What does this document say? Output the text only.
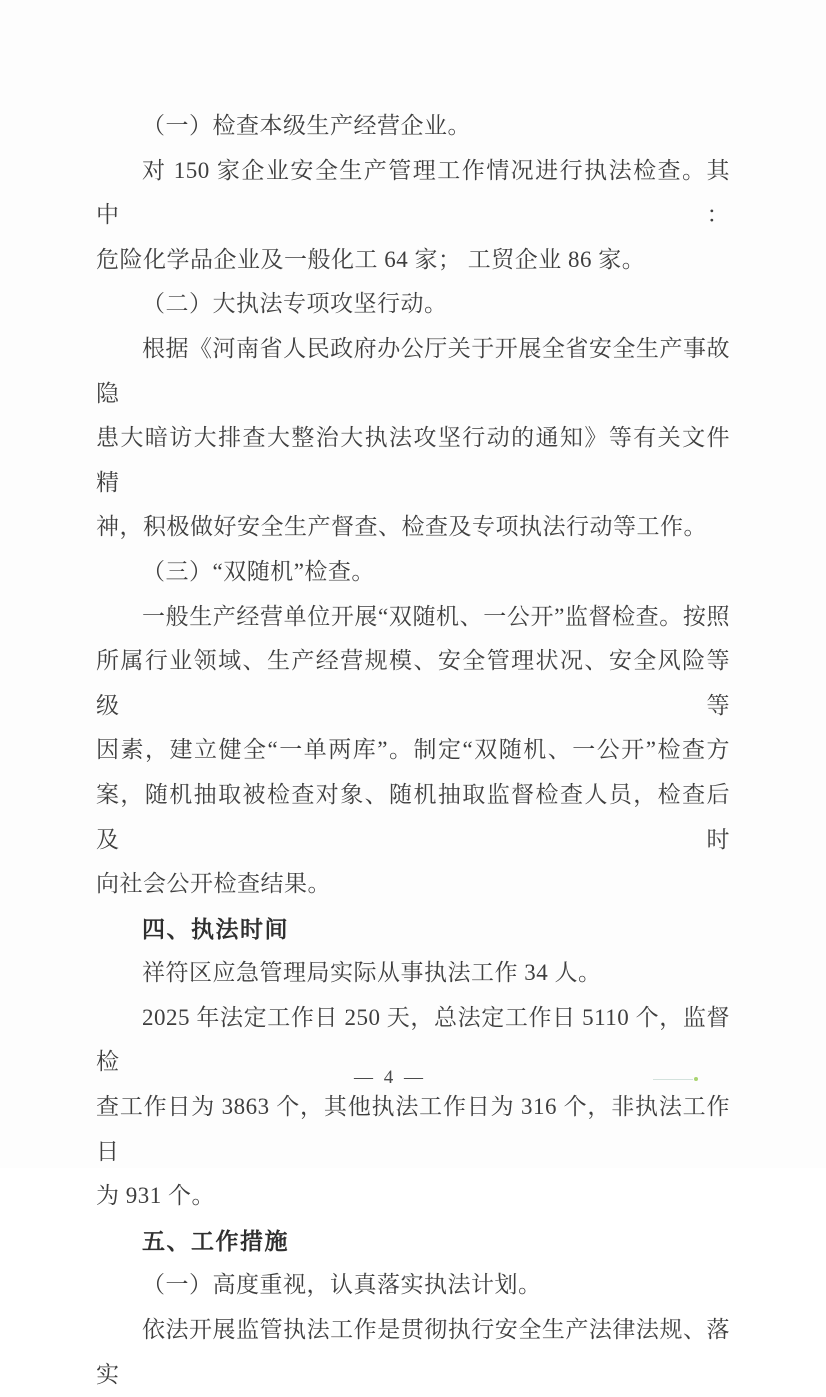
（一）检查本级生产经营企业。
对 150 家企业安全生产管理工作情况进行执法检查。其中：
危险化学品企业及一般化工 64 家； 工贸企业 86 家。
（二）大执法专项攻坚行动。
根据《河南省人民政府办公厅关于开展全省安全生产事故隐
患大暗访大排查大整治大执法攻坚行动的通知》等有关文件精
神，积极做好安全生产督查、检查及专项执法行动等工作。
（三）“双随机”检查。
一般生产经营单位开展“双随机、一公开”监督检查。按照
所属行业领域、生产经营规模、安全管理状况、安全风险等级等
因素，建立健全“一单两库”。制定“双随机、一公开”检查方
案，随机抽取被检查对象、随机抽取监督检查人员，检查后及时
向社会公开检查结果。
四、执法时间
祥符区应急管理局实际从事执法工作 34 人。
2025 年法定工作日 250 天，总法定工作日 5110 个，监督检
查工作日为 3863 个，其他执法工作日为 316 个，非执法工作日
为 931 个。
五、工作措施
（一）高度重视，认真落实执法计划。
依法开展监管执法工作是贯彻执行安全生产法律法规、落实
— 4 —
